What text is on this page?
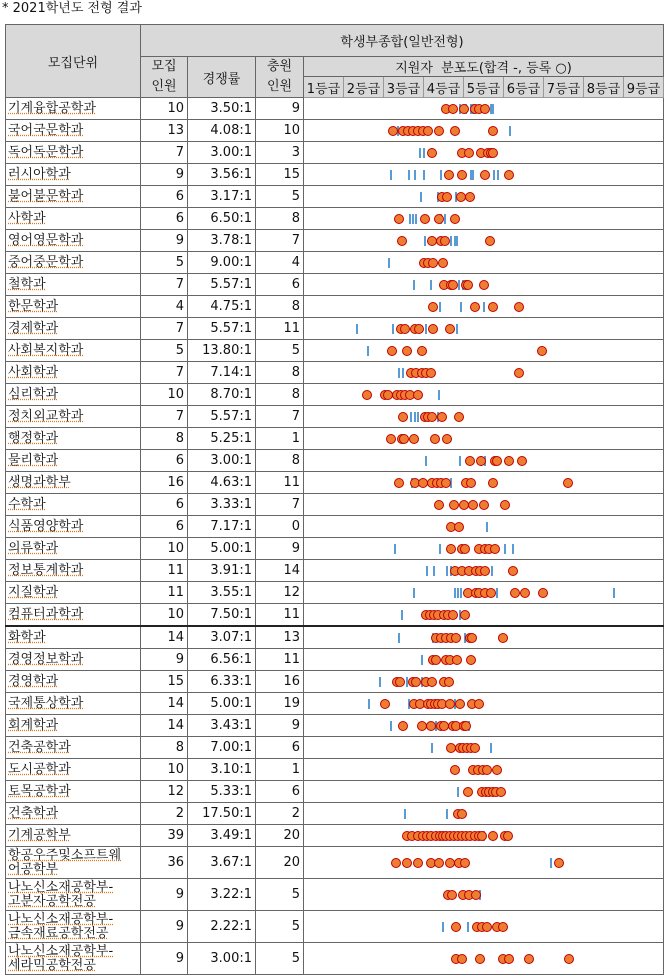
* 2021학년도 전형 결과
모집단위	학생부종합(일반전형)											
	모집
인원	경쟁률	충원
인원	지원자  분포도(합격 -, 등록 ○)								
				1등급	2등급	3등급	4등급	5등급	6등급	7등급	8등급	9등급
기계융합공학과	10	3.50:1	9									

국어국문학과	13	4.08:1	10									

독어독문학과	7	3.00:1	3									

러시아학과	9	3.56:1	15									

불어불문학과	6	3.17:1	5									

사학과	6	6.50:1	8									

영어영문학과	9	3.78:1	7									

중어중문학과	5	9.00:1	4									

철학과	7	5.57:1	6									

한문학과	4	4.75:1	8									

경제학과	7	5.57:1	11									

사회복지학과	5	13.80:1	5									

사회학과	7	7.14:1	8									

심리학과	10	8.70:1	8									

정치외교학과	7	5.57:1	7									

행정학과	8	5.25:1	1									

물리학과	6	3.00:1	8									

생명과학부	16	4.63:1	11									

수학과	6	3.33:1	7									

식품영양학과	6	7.17:1	0									

의류학과	10	5.00:1	9									

정보통계학과	11	3.91:1	14									

지질학과	11	3.55:1	12									

컴퓨터과학과	10	7.50:1	11									

화학과	14	3.07:1	13									

경영정보학과	9	6.56:1	11									

경영학과	15	6.33:1	16									

국제통상학과	14	5.00:1	19									

회계학과	14	3.43:1	9									

건축공학과	8	7.00:1	6									

도시공학과	10	3.10:1	1									

토목공학과	12	5.33:1	6									

건축학과	2	17.50:1	2									

기계공학부	39	3.49:1	20									

항공우주및소프트웨
어공학부	36	3.67:1	20									

나노신소재공학부-
고분자공학전공	9	3.22:1	5									

나노신소재공학부-
금속재료공학전공	9	2.22:1	5									

나노신소재공학부-
세라믹공학전공	9	3.00:1	5									
